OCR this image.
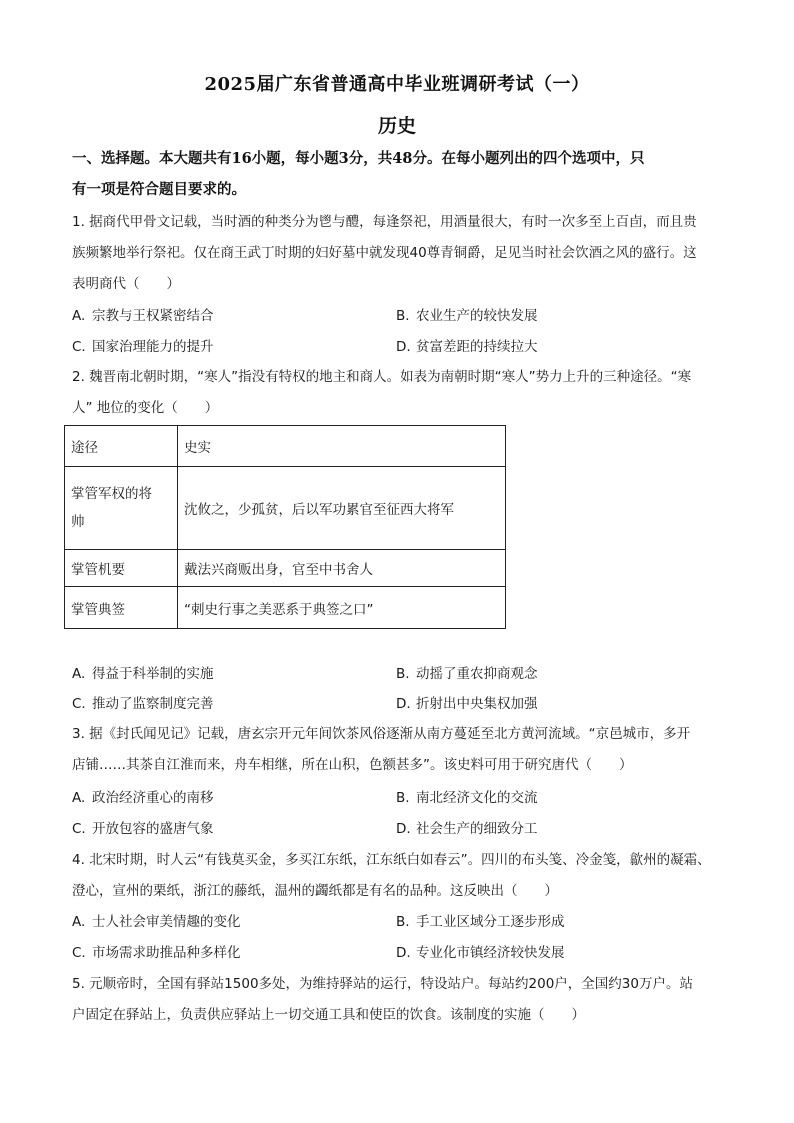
2025届广东省普通高中毕业班调研考试（一）
历史
一、选择题。本大题共有16小题，每小题3分，共48分。在每小题列出的四个选项中，只
有一项是符合题目要求的。
1. 据商代甲骨文记载，当时酒的种类分为鬯与醴，每逢祭祀，用酒量很大，有时一次多至上百卣，而且贵
族频繁地举行祭祀。仅在商王武丁时期的妇好墓中就发现40尊青铜爵，足见当时社会饮酒之风的盛行。这
表明商代（　　）
A. 宗教与王权紧密结合	B. 农业生产的较快发展
C. 国家治理能力的提升	D. 贫富差距的持续拉大
2. 魏晋南北朝时期，“寒人”指没有特权的地主和商人。如表为南朝时期“寒人”势力上升的三种途径。“寒
人” 地位的变化（　　）
途径	史实

掌管军权的将
帅	沈攸之，少孤贫，后以军功累官至征西大将军
掌管机要	戴法兴商贩出身，官至中书舍人
掌管典签	“刺史行事之美恶系于典签之口”
A. 得益于科举制的实施	B. 动摇了重农抑商观念
C. 推动了监察制度完善	D. 折射出中央集权加强
3. 据《封氏闻见记》记载，唐玄宗开元年间饮茶风俗逐渐从南方蔓延至北方黄河流域。“京邑城市，多开
店铺……其茶自江淮而来，舟车相继，所在山积，色额甚多”。该史料可用于研究唐代（　　）
A. 政治经济重心的南移	B. 南北经济文化的交流
C. 开放包容的盛唐气象	D. 社会生产的细致分工
4. 北宋时期，时人云“有钱莫买金，多买江东纸，江东纸白如春云”。四川的布头笺、冷金笺，歙州的凝霜、
澄心，宣州的栗纸，浙江的藤纸，温州的蠲纸都是有名的品种。这反映出（　　）
A. 士人社会审美情趣的变化	B. 手工业区域分工逐步形成
C. 市场需求助推品种多样化	D. 专业化市镇经济较快发展
5. 元顺帝时，全国有驿站1500多处，为维持驿站的运行，特设站户。每站约200户，全国约30万户。站
户固定在驿站上，负责供应驿站上一切交通工具和使臣的饮食。该制度的实施（　　）
